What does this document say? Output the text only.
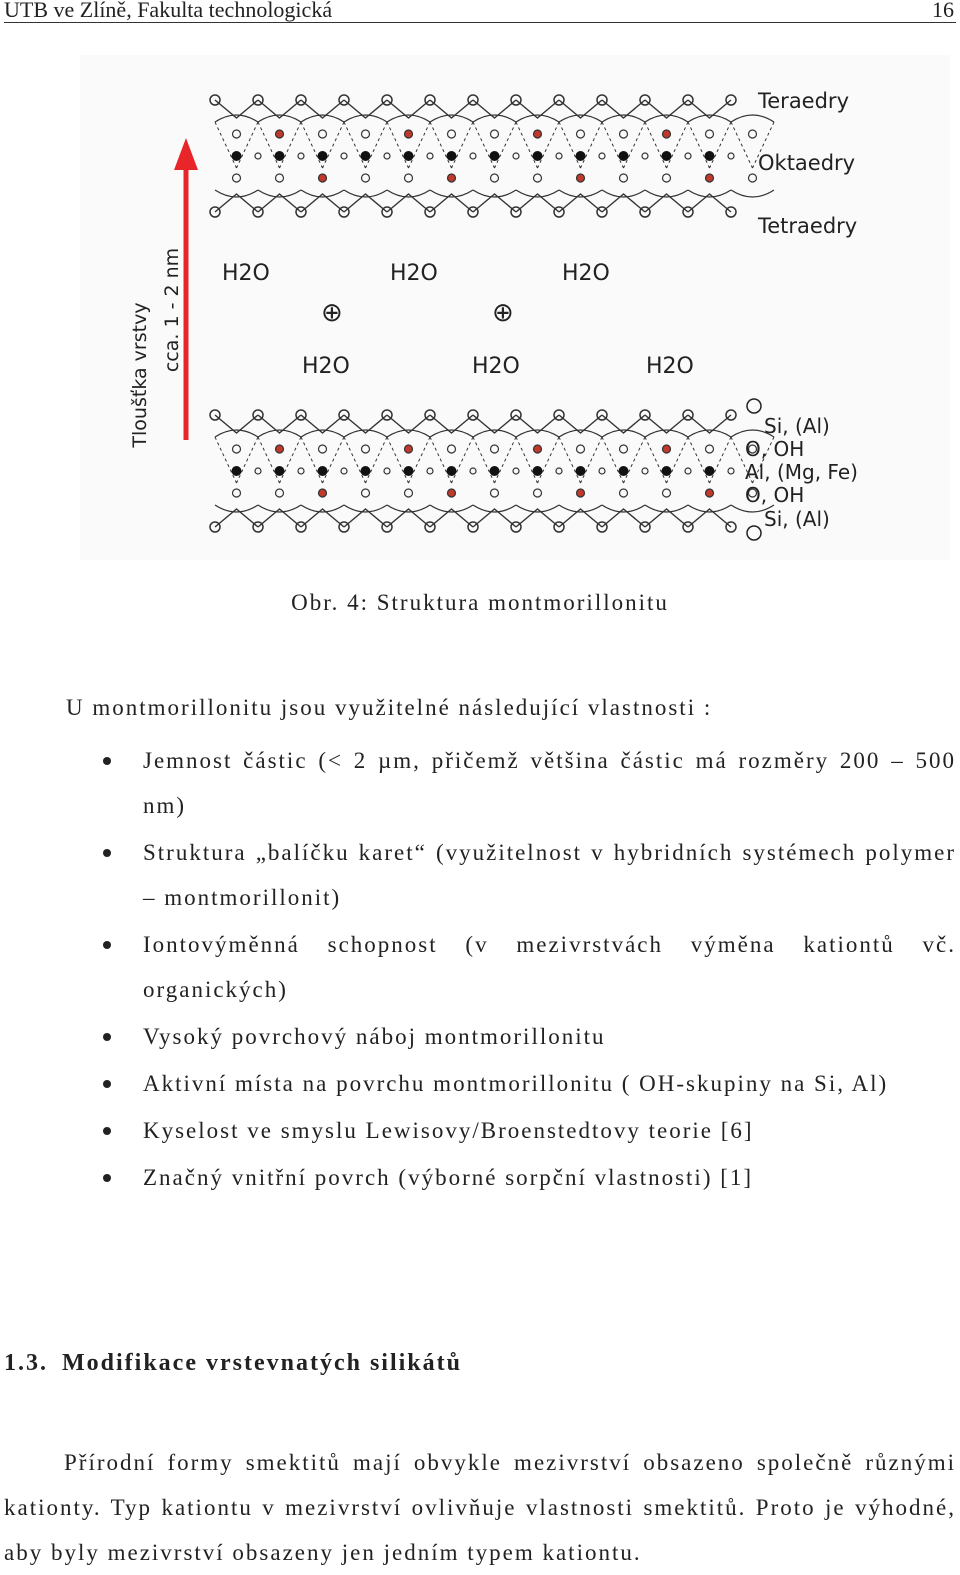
UTB ve Zlíně, Fakulta technologická	16
Tloušťka vrstvy cca. 1 - 2 nm
Teraedry
Oktaedry
Tetraedry
H2O	H2O	H2O
H2O	H2O	H2O
⊕	⊕
Si, (Al)
O, OH
Al, (Mg, Fe)
O, OH
Si, (Al)
Obr. 4: Struktura montmorillonitu
U montmorillonitu jsou využitelné následující vlastnosti :
Jemnost částic (< 2 µm, přičemž většina částic má rozměry 200 – 500 nm)
Struktura „balíčku karet“ (využitelnost v hybridních systémech polymer – montmorillonit)
Iontovýměnná schopnost (v mezivrstvách výměna kationtů vč. organických)
Vysoký povrchový náboj montmorillonitu
Aktivní místa na povrchu montmorillonitu ( OH-skupiny na Si, Al)
Kyselost ve smyslu Lewisovy/Broenstedtovy teorie [6]
Značný vnitřní povrch (výborné sorpční vlastnosti) [1]
1.3. Modifikace vrstevnatých silikátů
Přírodní formy smektitů mají obvykle mezivrství obsazeno společně různými kationty. Typ kationtu v mezivrství ovlivňuje vlastnosti smektitů. Proto je výhodné, aby byly mezivrství obsazeny jen jedním typem kationtu.
